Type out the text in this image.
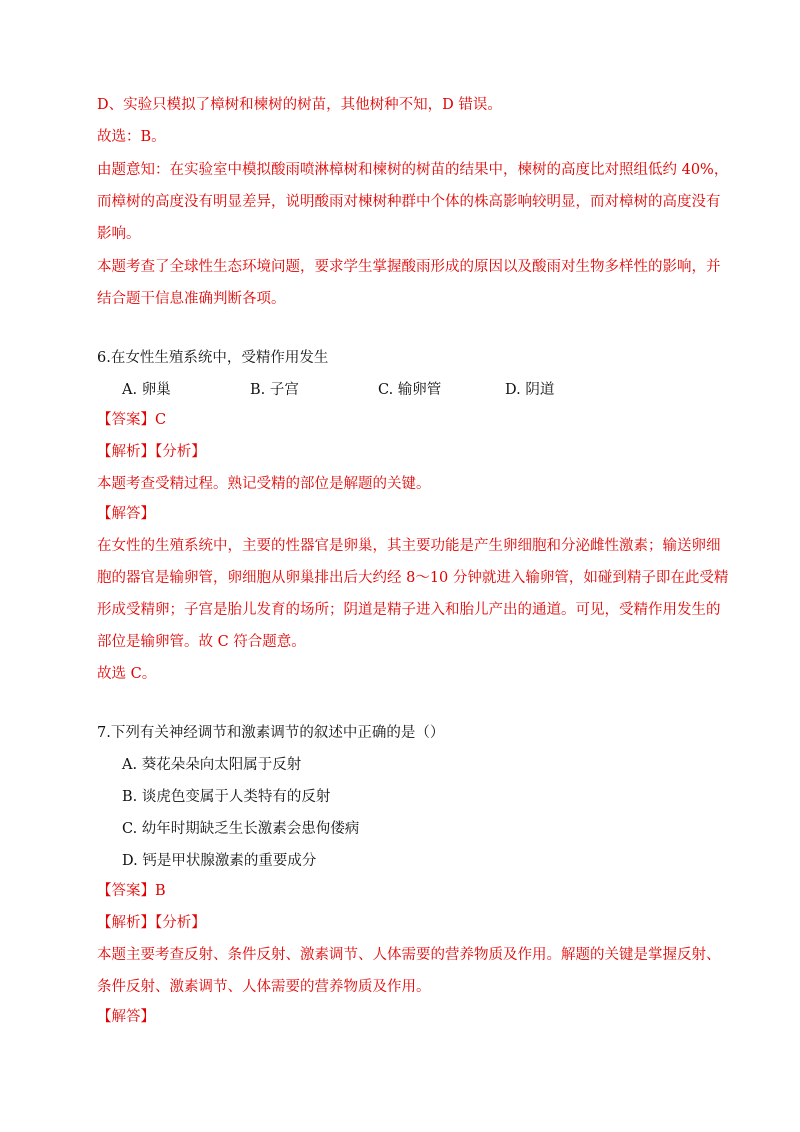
D、实验只模拟了樟树和楝树的树苗，其他树种不知，D 错误。
故选：B。
由题意知：在实验室中模拟酸雨喷淋樟树和楝树的树苗的结果中，楝树的高度比对照组低约 40%，
而樟树的高度没有明显差异，说明酸雨对楝树种群中个体的株高影响较明显，而对樟树的高度没有
影响。
本题考查了全球性生态环境问题，要求学生掌握酸雨形成的原因以及酸雨对生物多样性的影响，并
结合题干信息准确判断各项。
6.在女性生殖系统中，受精作用发生
A. 卵巢	B. 子宫	C. 输卵管	D. 阴道
【答案】C
【解析】【分析】
本题考查受精过程。熟记受精的部位是解题的关键。
【解答】
在女性的生殖系统中，主要的性器官是卵巢，其主要功能是产生卵细胞和分泌雌性激素；输送卵细
胞的器官是输卵管，卵细胞从卵巢排出后大约经 8～10 分钟就进入输卵管，如碰到精子即在此受精
形成受精卵；子宫是胎儿发育的场所；阴道是精子进入和胎儿产出的通道。可见，受精作用发生的
部位是输卵管。故 C 符合题意。
故选 C。
7.下列有关神经调节和激素调节的叙述中正确的是（）
A. 葵花朵朵向太阳属于反射
B. 谈虎色变属于人类特有的反射
C. 幼年时期缺乏生长激素会患佝偻病
D. 钙是甲状腺激素的重要成分
【答案】B
【解析】【分析】
本题主要考查反射、条件反射、激素调节、人体需要的营养物质及作用。解题的关键是掌握反射、
条件反射、激素调节、人体需要的营养物质及作用。
【解答】
